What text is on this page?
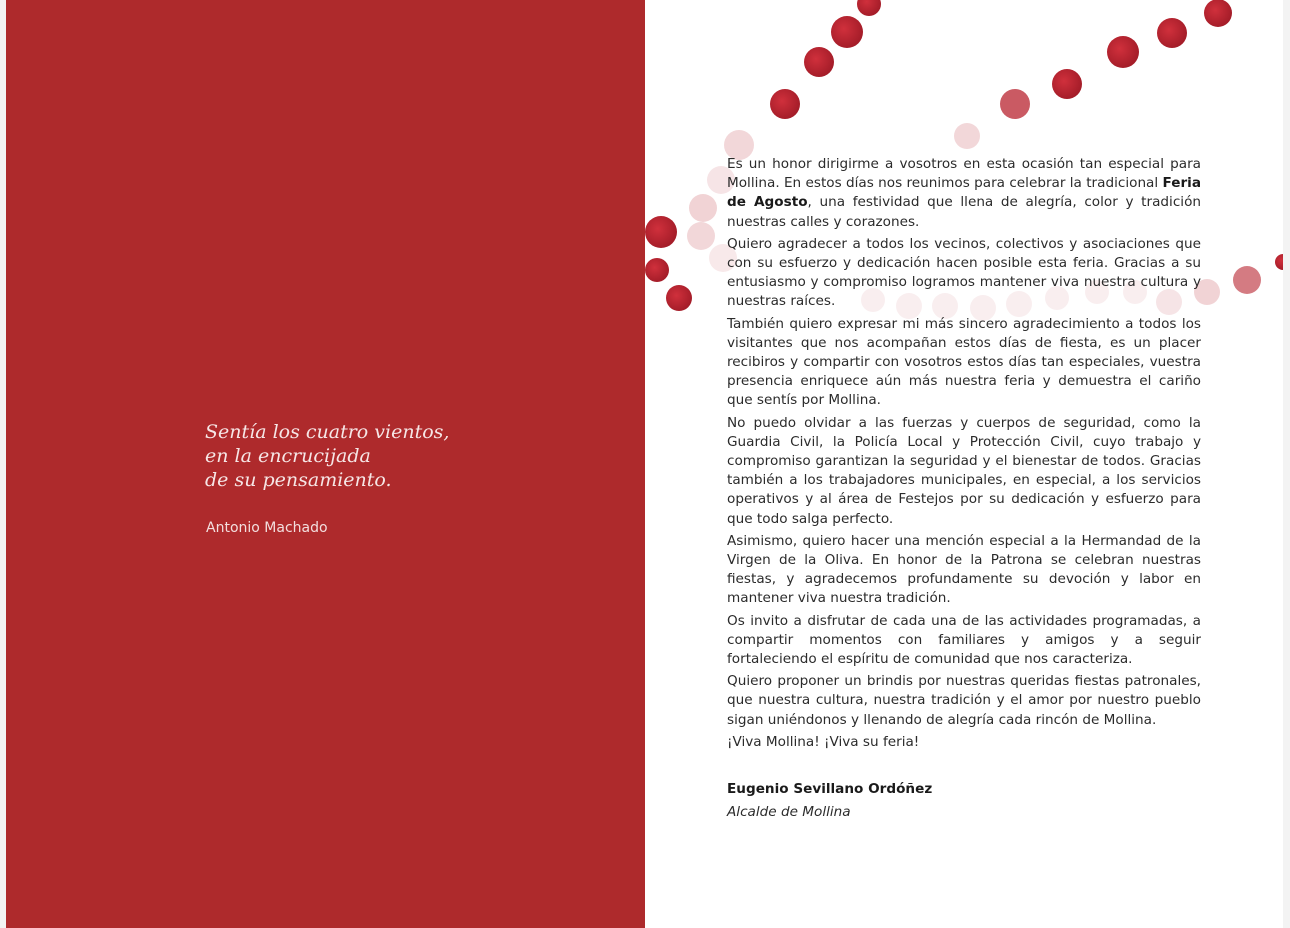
Sentía los cuatro vientos,
en la encrucijada
de su pensamiento.
Antonio Machado

Es un honor dirigirme a vosotros en esta ocasión tan especial para Mollina. En estos días nos reunimos para celebrar la tradicional Feria de Agosto, una festividad que llena de alegría, color y tradición nuestras calles y corazones.

Quiero agradecer a todos los vecinos, colectivos y asociaciones que con su esfuerzo y dedicación hacen posible esta feria. Gracias a su entusiasmo y compromiso logramos mantener viva nuestra cultura y nuestras raíces.

También quiero expresar mi más sincero agradecimiento a todos los visitantes que nos acompañan estos días de fiesta, es un placer recibiros y compartir con vosotros estos días tan especiales, vuestra presencia enriquece aún más nuestra feria y demuestra el cariño que sentís por Mollina.

No puedo olvidar a las fuerzas y cuerpos de seguridad, como la Guardia Civil, la Policía Local y Protección Civil, cuyo trabajo y compromiso garantizan la seguridad y el bienestar de todos. Gracias también a los trabajadores municipales, en especial, a los servicios operativos y al área de Festejos por su dedicación y esfuerzo para que todo salga perfecto.

Asimismo, quiero hacer una mención especial a la Hermandad de la Virgen de la Oliva. En honor de la Patrona se celebran nuestras fiestas, y agradecemos profundamente su devoción y labor en mantener viva nuestra tradición.

Os invito a disfrutar de cada una de las actividades programadas, a compartir momentos con familiares y amigos y a seguir fortaleciendo el espíritu de comunidad que nos caracteriza.

Quiero proponer un brindis por nuestras queridas fiestas patronales, que nuestra cultura, nuestra tradición y el amor por nuestro pueblo sigan uniéndonos y llenando de alegría cada rincón de Mollina.

¡Viva Mollina! ¡Viva su feria!

Eugenio Sevillano Ordóñez
Alcalde de Mollina
